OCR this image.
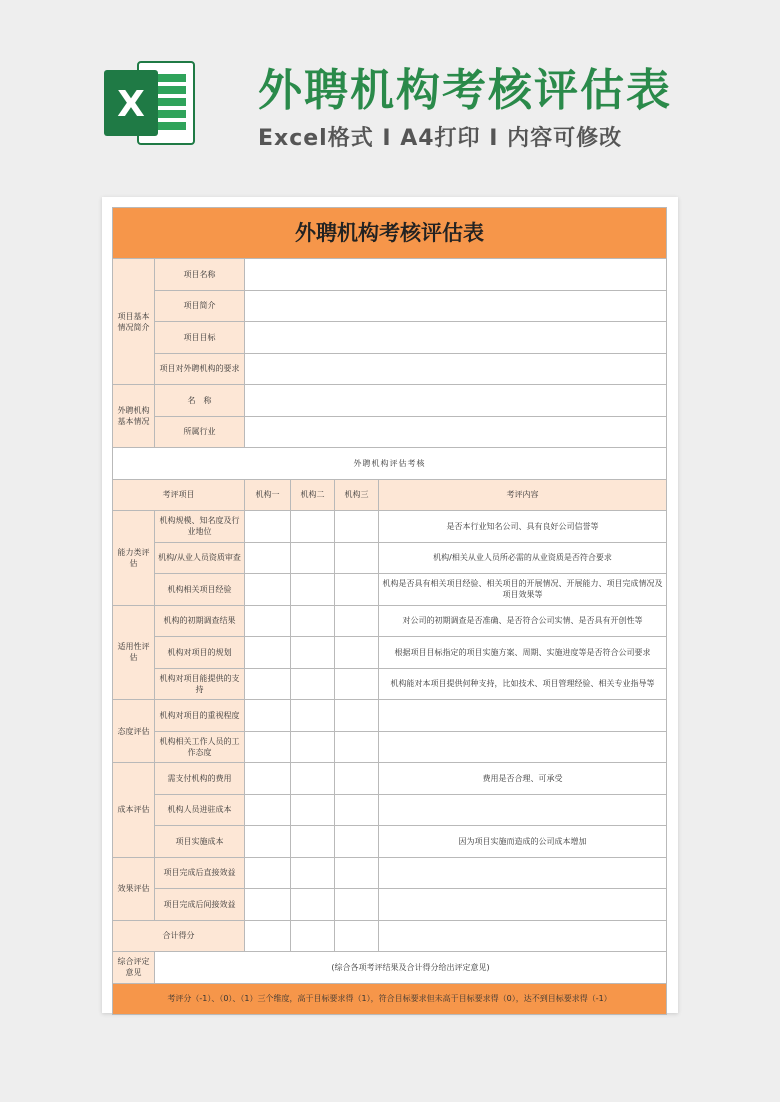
X	外聘机构考核评估表
Excel格式 I A4打印 I 内容可修改
外聘机构考核评估表					
项目基本情况简介	项目名称				
	项目简介				
	项目目标				
	项目对外聘机构的要求				
外聘机构基本情况	名　称				
	所属行业				
外聘机构评估考核					
考评项目		机构一	机构二	机构三	考评内容
能力类评估	机构规模、知名度及行业地位				是否本行业知名公司、具有良好公司信誉等
	机构/从业人员资质审查				机构/相关从业人员所必需的从业资质是否符合要求
	机构相关项目经验				机构是否具有相关项目经验、相关项目的开展情况、开展能力、项目完成情况及项目效果等
适用性评估	机构的初期调查结果				对公司的初期调查是否准确、是否符合公司实情、是否具有开创性等
	机构对项目的规划				根据项目目标指定的项目实施方案、周期、实施进度等是否符合公司要求
	机构对项目能提供的支持				机构能对本项目提供何种支持，比如技术、项目管理经验、相关专业指导等
态度评估	机构对项目的重视程度				
	机构相关工作人员的工作态度				
成本评估	需支付机构的费用				费用是否合理、可承受
	机构人员进驻成本				
	项目实施成本				因为项目实施而造成的公司成本增加
效果评估	项目完成后直接效益				
	项目完成后间接效益				
合计得分					
综合评定意见	(综合各项考评结果及合计得分给出评定意见)				
考评分（-1）、（0）、（1）三个维度，高于目标要求得（1），符合目标要求但未高于目标要求得（0），达不到目标要求得（-1）					
